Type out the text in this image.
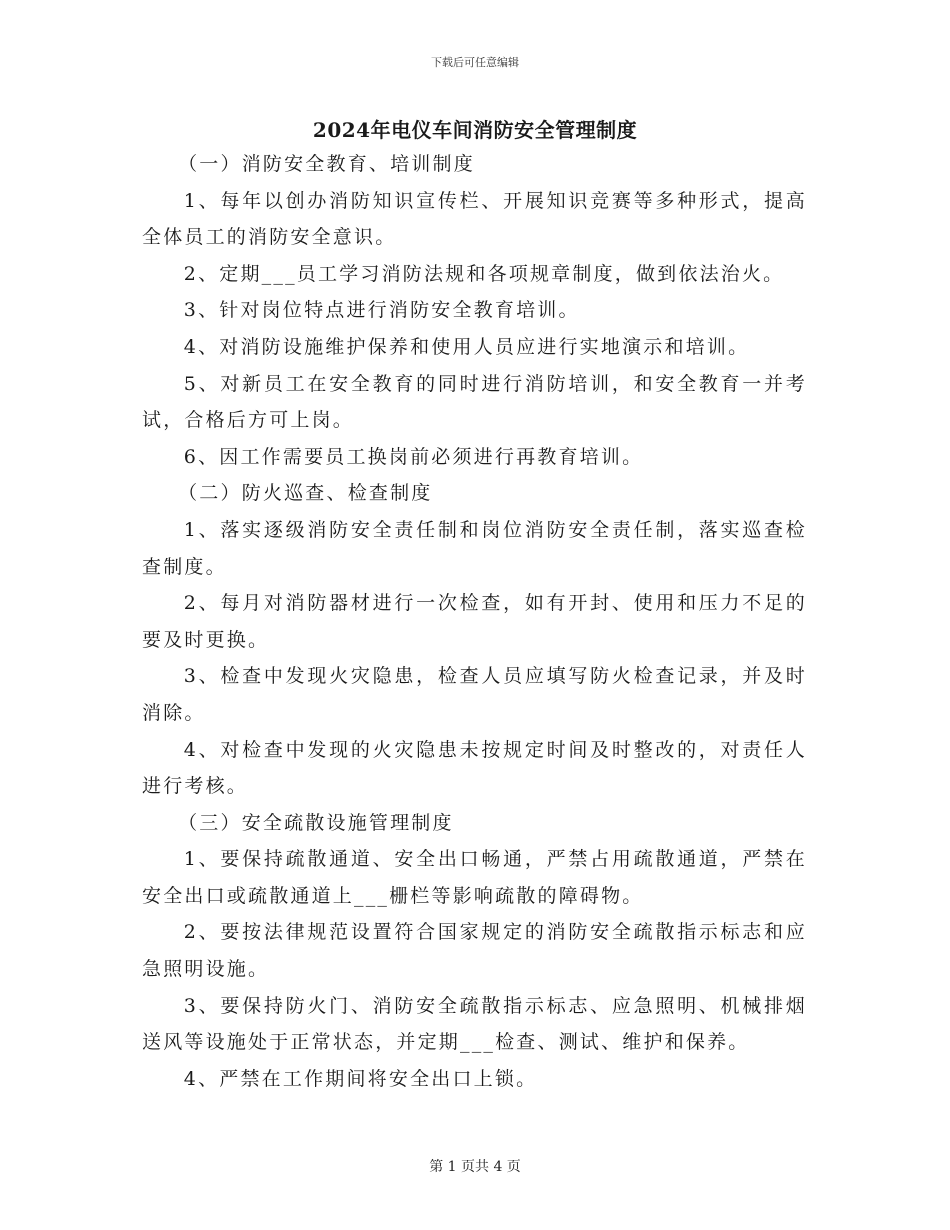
下载后可任意编辑
2024年电仪车间消防安全管理制度

（一）消防安全教育、培训制度

1、每年以创办消防知识宣传栏、开展知识竞赛等多种形式，提高全体员工的消防安全意识。

2、定期___员工学习消防法规和各项规章制度，做到依法治火。

3、针对岗位特点进行消防安全教育培训。

4、对消防设施维护保养和使用人员应进行实地演示和培训。

5、对新员工在安全教育的同时进行消防培训，和安全教育一并考试，合格后方可上岗。

6、因工作需要员工换岗前必须进行再教育培训。

（二）防火巡查、检查制度

1、落实逐级消防安全责任制和岗位消防安全责任制，落实巡查检查制度。

2、每月对消防器材进行一次检查，如有开封、使用和压力不足的要及时更换。

3、检查中发现火灾隐患，检查人员应填写防火检查记录，并及时消除。

4、对检查中发现的火灾隐患未按规定时间及时整改的，对责任人进行考核。

（三）安全疏散设施管理制度

1、要保持疏散通道、安全出口畅通，严禁占用疏散通道，严禁在安全出口或疏散通道上___栅栏等影响疏散的障碍物。

2、要按法律规范设置符合国家规定的消防安全疏散指示标志和应急照明设施。

3、要保持防火门、消防安全疏散指示标志、应急照明、机械排烟送风等设施处于正常状态，并定期___检查、测试、维护和保养。

4、严禁在工作期间将安全出口上锁。

第 1 页共 4 页
